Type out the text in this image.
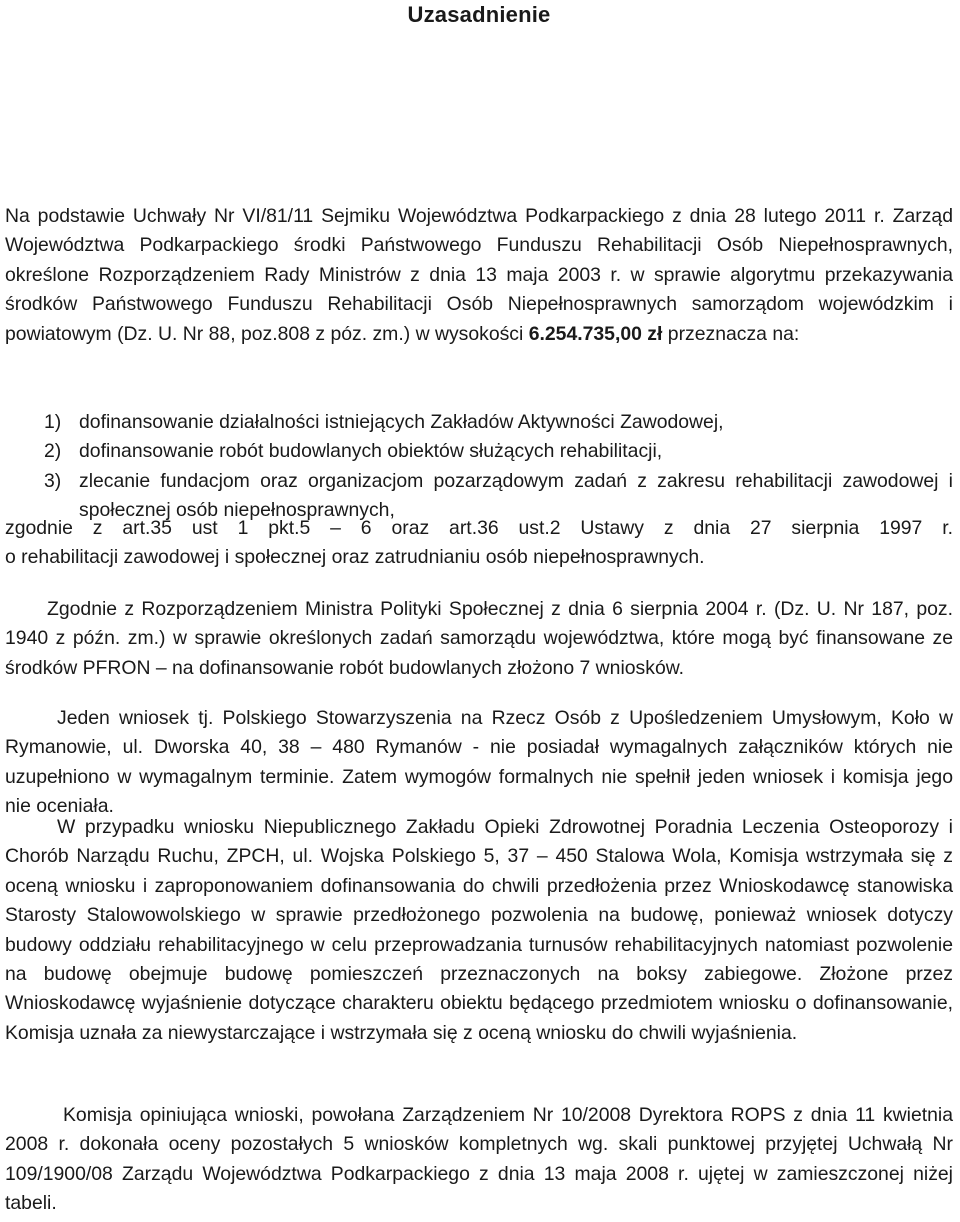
Uzasadnienie
Na podstawie Uchwały Nr VI/81/11 Sejmiku Województwa Podkarpackiego z dnia 28 lutego 2011 r. Zarząd Województwa Podkarpackiego środki Państwowego Funduszu Rehabilitacji Osób Niepełnosprawnych, określone Rozporządzeniem Rady Ministrów z dnia 13 maja 2003 r. w sprawie algorytmu przekazywania środków Państwowego Funduszu Rehabilitacji Osób Niepełnosprawnych samorządom wojewódzkim i powiatowym (Dz. U. Nr 88, poz.808 z póz. zm.) w wysokości 6.254.735,00 zł przeznacza na:
1) dofinansowanie działalności istniejących Zakładów Aktywności Zawodowej,
2) dofinansowanie robót budowlanych obiektów służących rehabilitacji,
3) zlecanie fundacjom oraz organizacjom pozarządowym zadań z zakresu rehabilitacji zawodowej i społecznej osób niepełnosprawnych,
zgodnie z art.35 ust 1 pkt.5 – 6 oraz art.36 ust.2 Ustawy z dnia 27 sierpnia 1997 r.
o rehabilitacji zawodowej i społecznej oraz zatrudnianiu osób niepełnosprawnych.
Zgodnie z Rozporządzeniem Ministra Polityki Społecznej z dnia 6 sierpnia 2004 r. (Dz. U. Nr 187, poz. 1940 z późn. zm.) w sprawie określonych zadań samorządu województwa, które mogą być finansowane ze środków PFRON – na dofinansowanie robót budowlanych złożono 7 wniosków.
Jeden wniosek tj. Polskiego Stowarzyszenia na Rzecz Osób z Upośledzeniem Umysłowym, Koło w Rymanowie, ul. Dworska 40, 38 – 480 Rymanów - nie posiadał wymagalnych załączników których nie uzupełniono w wymagalnym terminie. Zatem wymogów formalnych nie spełnił jeden wniosek i komisja jego nie oceniała.
W przypadku wniosku Niepublicznego Zakładu Opieki Zdrowotnej Poradnia Leczenia Osteoporozy i Chorób Narządu Ruchu, ZPCH, ul. Wojska Polskiego 5, 37 – 450 Stalowa Wola, Komisja wstrzymała się z oceną wniosku i zaproponowaniem dofinansowania do chwili przedłożenia przez Wnioskodawcę stanowiska Starosty Stalowowolskiego w sprawie przedłożonego pozwolenia na budowę, ponieważ wniosek dotyczy budowy oddziału rehabilitacyjnego w celu przeprowadzania turnusów rehabilitacyjnych natomiast pozwolenie na budowę obejmuje budowę pomieszczeń przeznaczonych na boksy zabiegowe. Złożone przez Wnioskodawcę wyjaśnienie dotyczące charakteru obiektu będącego przedmiotem wniosku o dofinansowanie, Komisja uznała za niewystarczające i wstrzymała się z oceną wniosku do chwili wyjaśnienia.
Komisja opiniująca wnioski, powołana Zarządzeniem Nr 10/2008 Dyrektora ROPS z dnia 11 kwietnia 2008 r. dokonała oceny pozostałych 5 wniosków kompletnych wg. skali punktowej przyjętej Uchwałą Nr 109/1900/08 Zarządu Województwa Podkarpackiego z dnia 13 maja 2008 r. ujętej w zamieszczonej niżej tabeli.
